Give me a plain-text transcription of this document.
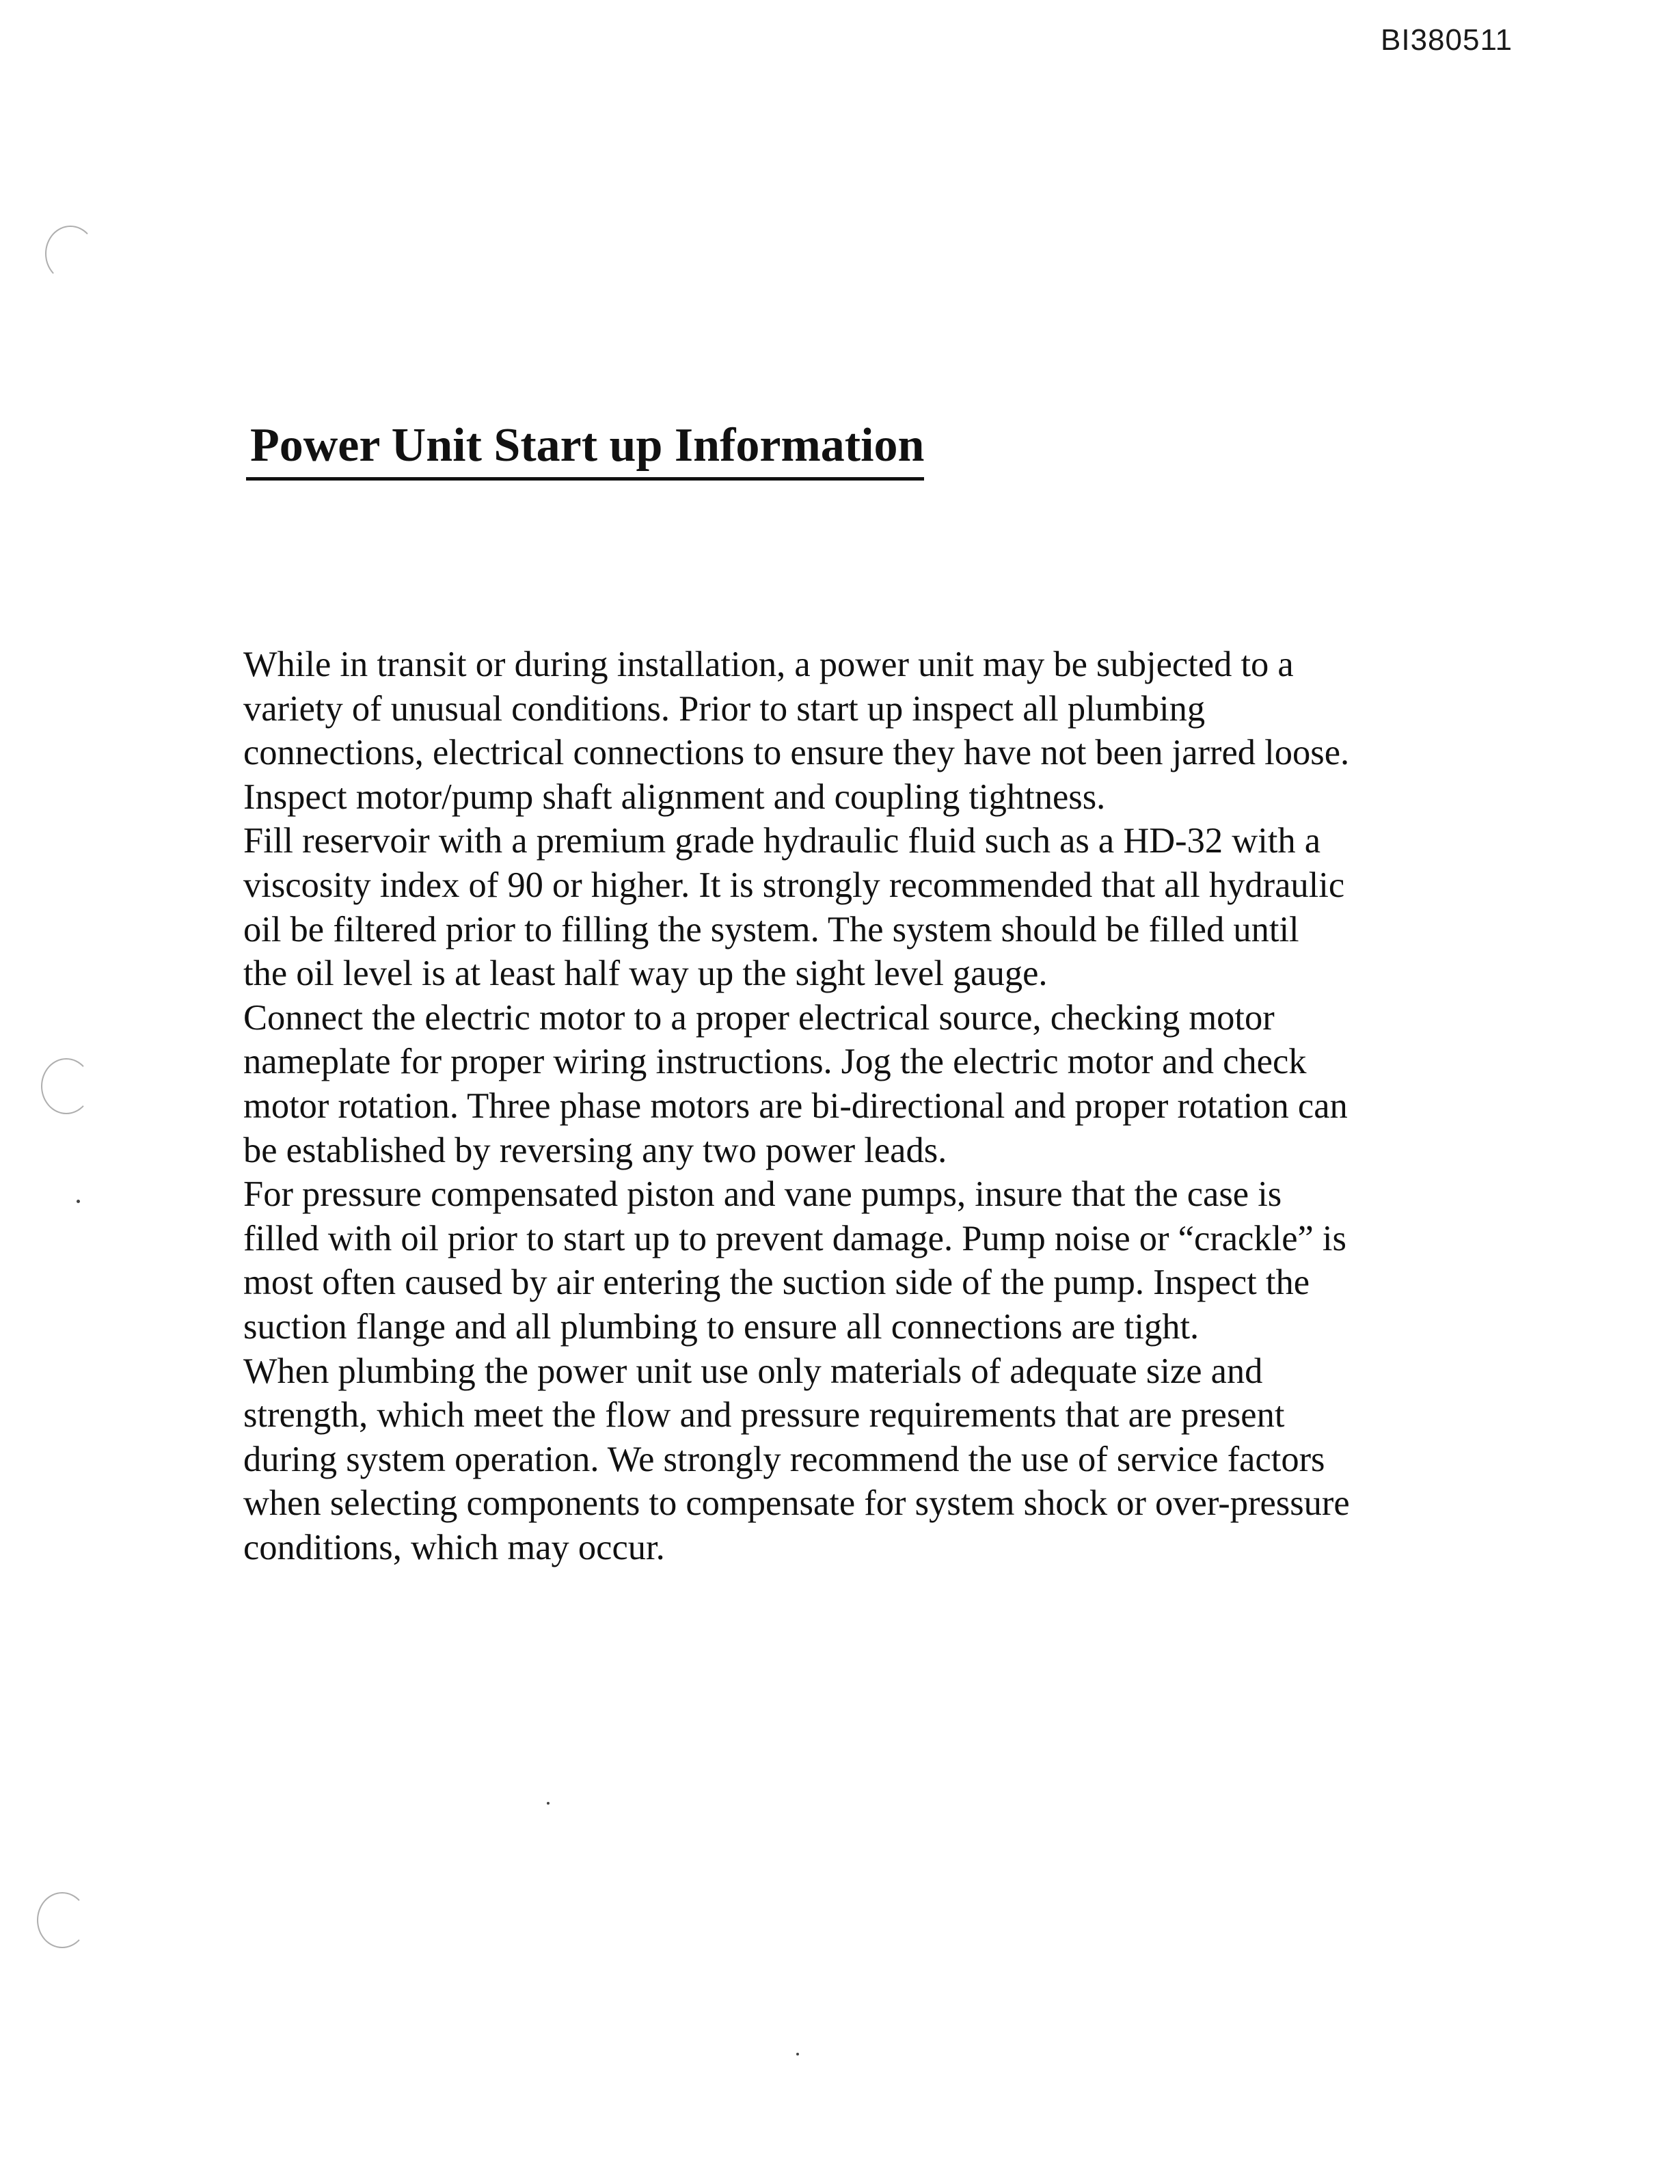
BI380511
Power Unit Start up Information
While in transit or during installation, a power unit may be subjected to a
variety of unusual conditions. Prior to start up inspect all plumbing
connections, electrical connections to ensure they have not been jarred loose.
Inspect motor/pump shaft alignment and coupling tightness.
Fill reservoir with a premium grade hydraulic fluid such as a HD-32 with a
viscosity index of 90 or higher. It is strongly recommended that all hydraulic
oil be filtered prior to filling the system. The system should be filled until
the oil level is at least half way up the sight level gauge.
Connect the electric motor to a proper electrical source, checking motor
nameplate for proper wiring instructions. Jog the electric motor and check
motor rotation. Three phase motors are bi-directional and proper rotation can
be established by reversing any two power leads.
For pressure compensated piston and vane pumps, insure that the case is
filled with oil prior to start up to prevent damage. Pump noise or “crackle” is
most often caused by air entering the suction side of the pump. Inspect the
suction flange and all plumbing to ensure all connections are tight.
When plumbing the power unit use only materials of adequate size and
strength, which meet the flow and pressure requirements that are present
during system operation. We strongly recommend the use of service factors
when selecting components to compensate for system shock or over-pressure
conditions, which may occur.
